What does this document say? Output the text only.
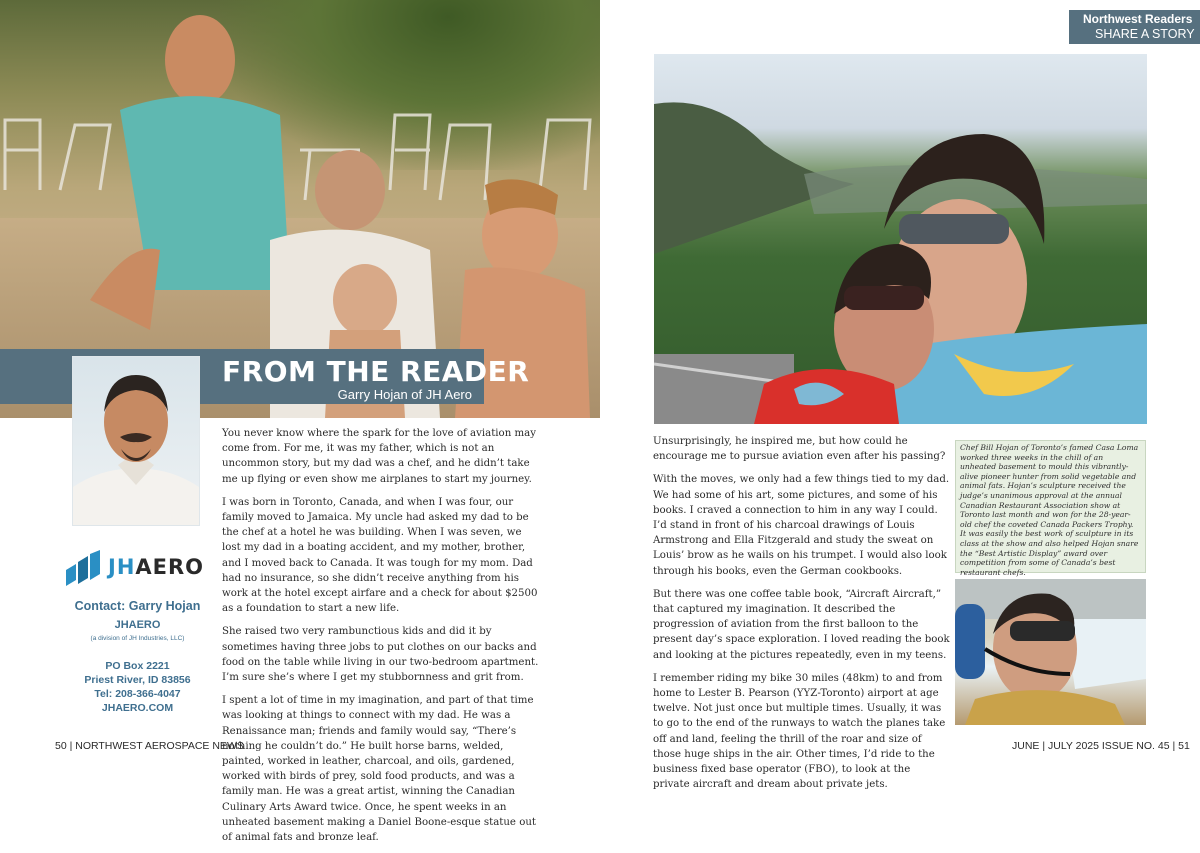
FROM THE READER
Garry Hojan of JH Aero
JHAERO
Contact: Garry Hojan
JHAERO
(a division of JH Industries, LLC)
PO Box 2221
Priest River, ID 83856
Tel: 208-366-4047
JHAERO.COM

You never know where the spark for the love of aviation may come from. For me, it was my father, which is not an uncommon story, but my dad was a chef, and he didn’t take me up flying or even show me airplanes to start my journey.

I was born in Toronto, Canada, and when I was four, our family moved to Jamaica. My uncle had asked my dad to be the chef at a hotel he was building. When I was seven, we lost my dad in a boating accident, and my mother, brother, and I moved back to Canada. It was tough for my mom. Dad had no insurance, so she didn’t receive anything from his work at the hotel except airfare and a check for about $2500 as a foundation to start a new life.

She raised two very rambunctious kids and did it by sometimes having three jobs to put clothes on our backs and food on the table while living in our two-bedroom apartment. I’m sure she’s where I get my stubbornness and grit from.

I spent a lot of time in my imagination, and part of that time was looking at things to connect with my dad. He was a Renaissance man; friends and family would say, “There’s nothing he couldn’t do.” He built horse barns, welded, painted, worked in leather, charcoal, and oils, gardened, worked with birds of prey, sold food products, and was a family man. He was a great artist, winning the Canadian Culinary Arts Award twice. Once, he spent weeks in an unheated basement making a Daniel Boone-esque statue out of animal fats and bronze leaf.

50 | NORTHWEST AEROSPACE NEWS
Northwest Readers
SHARE A STORY

Unsurprisingly, he inspired me, but how could he encourage me to pursue aviation even after his passing?

With the moves, we only had a few things tied to my dad. We had some of his art, some pictures, and some of his books. I craved a connection to him in any way I could. I’d stand in front of his charcoal drawings of Louis Armstrong and Ella Fitzgerald and study the sweat on Louis’ brow as he wails on his trumpet. I would also look through his books, even the German cookbooks.

But there was one coffee table book, “Aircraft Aircraft,” that captured my imagination. It described the progression of aviation from the first balloon to the present day’s space exploration. I loved reading the book and looking at the pictures repeatedly, even in my teens.

I remember riding my bike 30 miles (48km) to and from home to Lester B. Pearson (YYZ-Toronto) airport at age twelve. Not just once but multiple times. Usually, it was to go to the end of the runways to watch the planes take off and land, feeling the thrill of the roar and size of those huge ships in the air. Other times, I’d ride to the business fixed base operator (FBO), to look at the private aircraft and dream about private jets.

Chef Bill Hojan of Toronto’s famed Casa Loma worked three weeks in the chill of an unheated basement to mould this vibrantly-alive pioneer hunter from solid vegetable and animal fats. Hojan’s sculpture received the judge’s unanimous approval at the annual Canadian Restaurant Association show at Toronto last month and won for the 28-year-old chef the coveted Canada Packers Trophy. It was easily the best work of sculpture in its class at the show and also helped Hojan snare the “Best Artistic Display” award over competition from some of Canada’s best restaurant chefs.
JUNE | JULY 2025 ISSUE NO. 45 | 51
